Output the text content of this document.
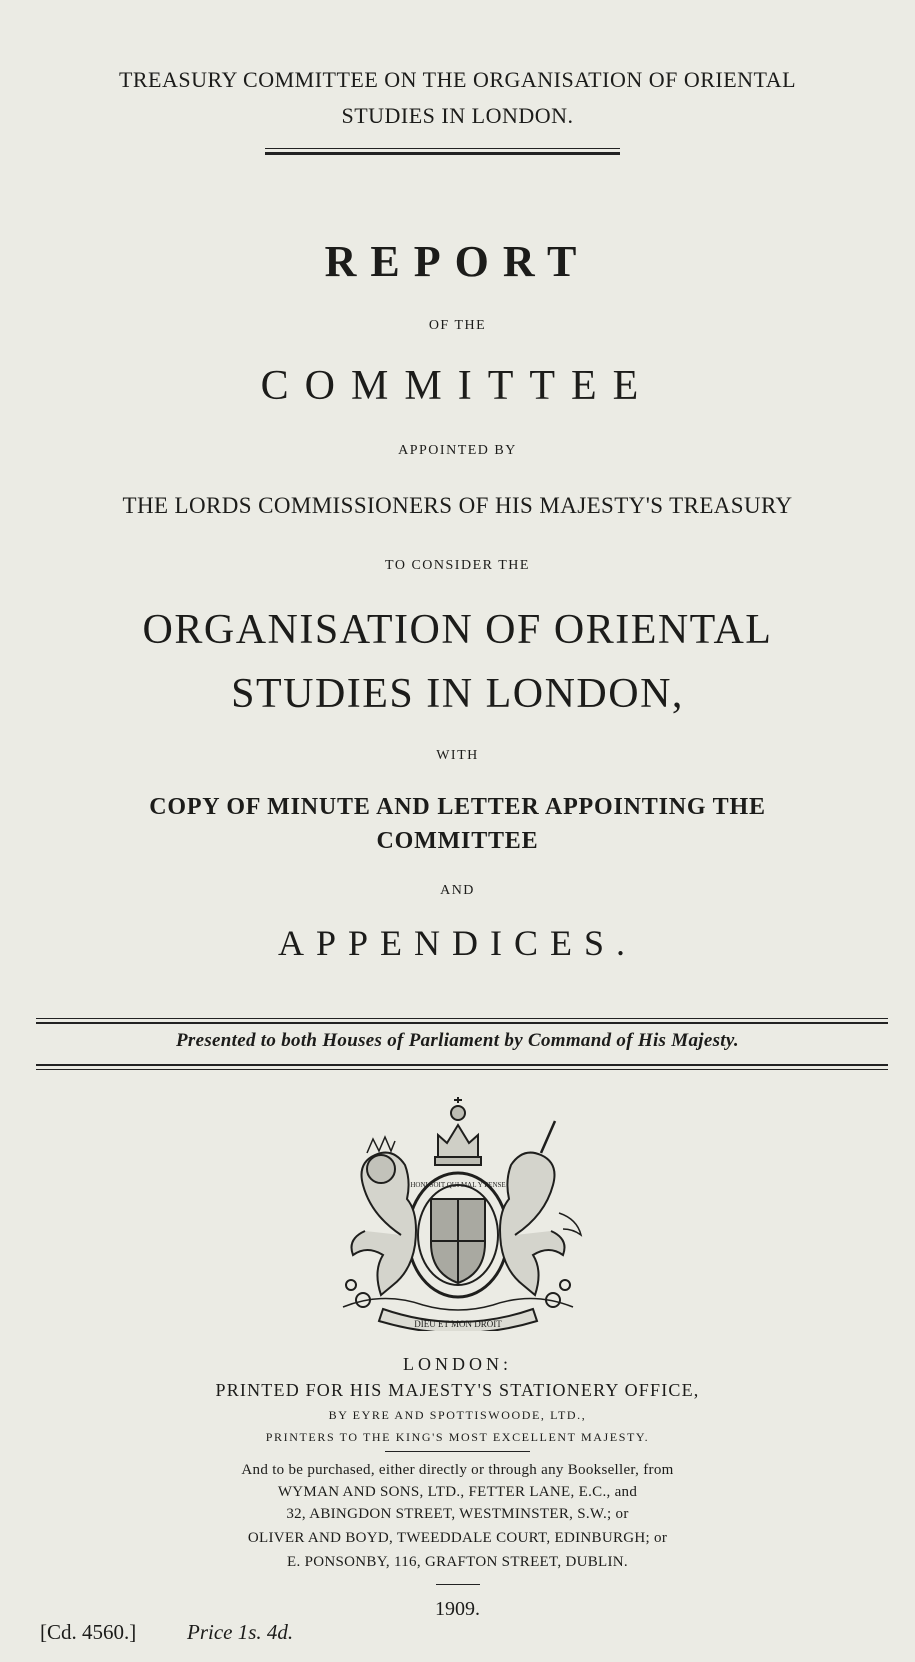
TREASURY COMMITTEE ON THE ORGANISATION OF ORIENTAL
STUDIES IN LONDON.
REPORT
OF THE
COMMITTEE
APPOINTED BY
THE LORDS COMMISSIONERS OF HIS MAJESTY'S TREASURY
TO CONSIDER THE
ORGANISATION OF ORIENTAL
STUDIES IN LONDON,
WITH
COPY OF MINUTE AND LETTER APPOINTING THE
COMMITTEE
AND
APPENDICES.
Presented to both Houses of Parliament by Command of His Majesty.
HONI SOIT QUI MAL Y PENSE
DIEU ET MON DROIT
LONDON:
PRINTED FOR HIS MAJESTY'S STATIONERY OFFICE,
BY EYRE AND SPOTTISWOODE, LTD.,
PRINTERS TO THE KING'S MOST EXCELLENT MAJESTY.
And to be purchased, either directly or through any Bookseller, from
WYMAN AND SONS, LTD., FETTER LANE, E.C., and
32, ABINGDON STREET, WESTMINSTER, S.W.; or
OLIVER AND BOYD, TWEEDDALE COURT, EDINBURGH; or
E. PONSONBY, 116, GRAFTON STREET, DUBLIN.
1909.
[Cd. 4560.] Price 1s. 4d.
